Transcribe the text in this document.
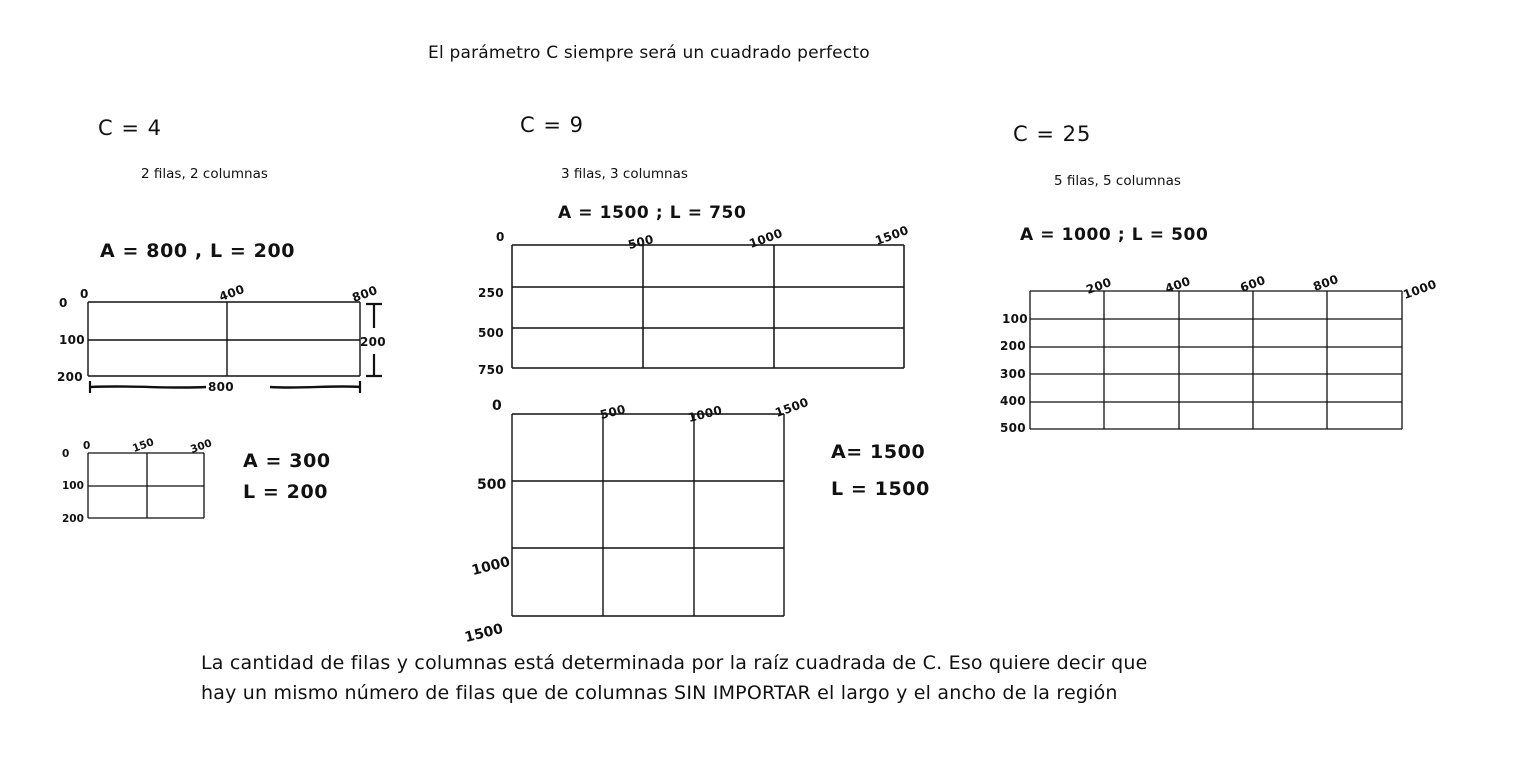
El parámetro C siempre será un cuadrado perfecto
C = 4
2 filas, 2 columnas
A = 800 , L = 200
0	400	800
0
100
200
800
200
0	150	300
0
100
200
A = 300
L = 200
C = 9
3 filas, 3 columnas
A = 1500 ; L = 750
0	500	1000	1500
250
500
750
0	500	1000	1500
500
1000
1500
A= 1500
L = 1500
C = 25
5 filas, 5 columnas
A = 1000 ; L = 500
200	400	600	800	1000
100
200
300
400
500
La cantidad de filas y columnas está determinada por la raíz cuadrada de C. Eso quiere decir que
hay un mismo número de filas que de columnas SIN IMPORTAR el largo y el ancho de la región
